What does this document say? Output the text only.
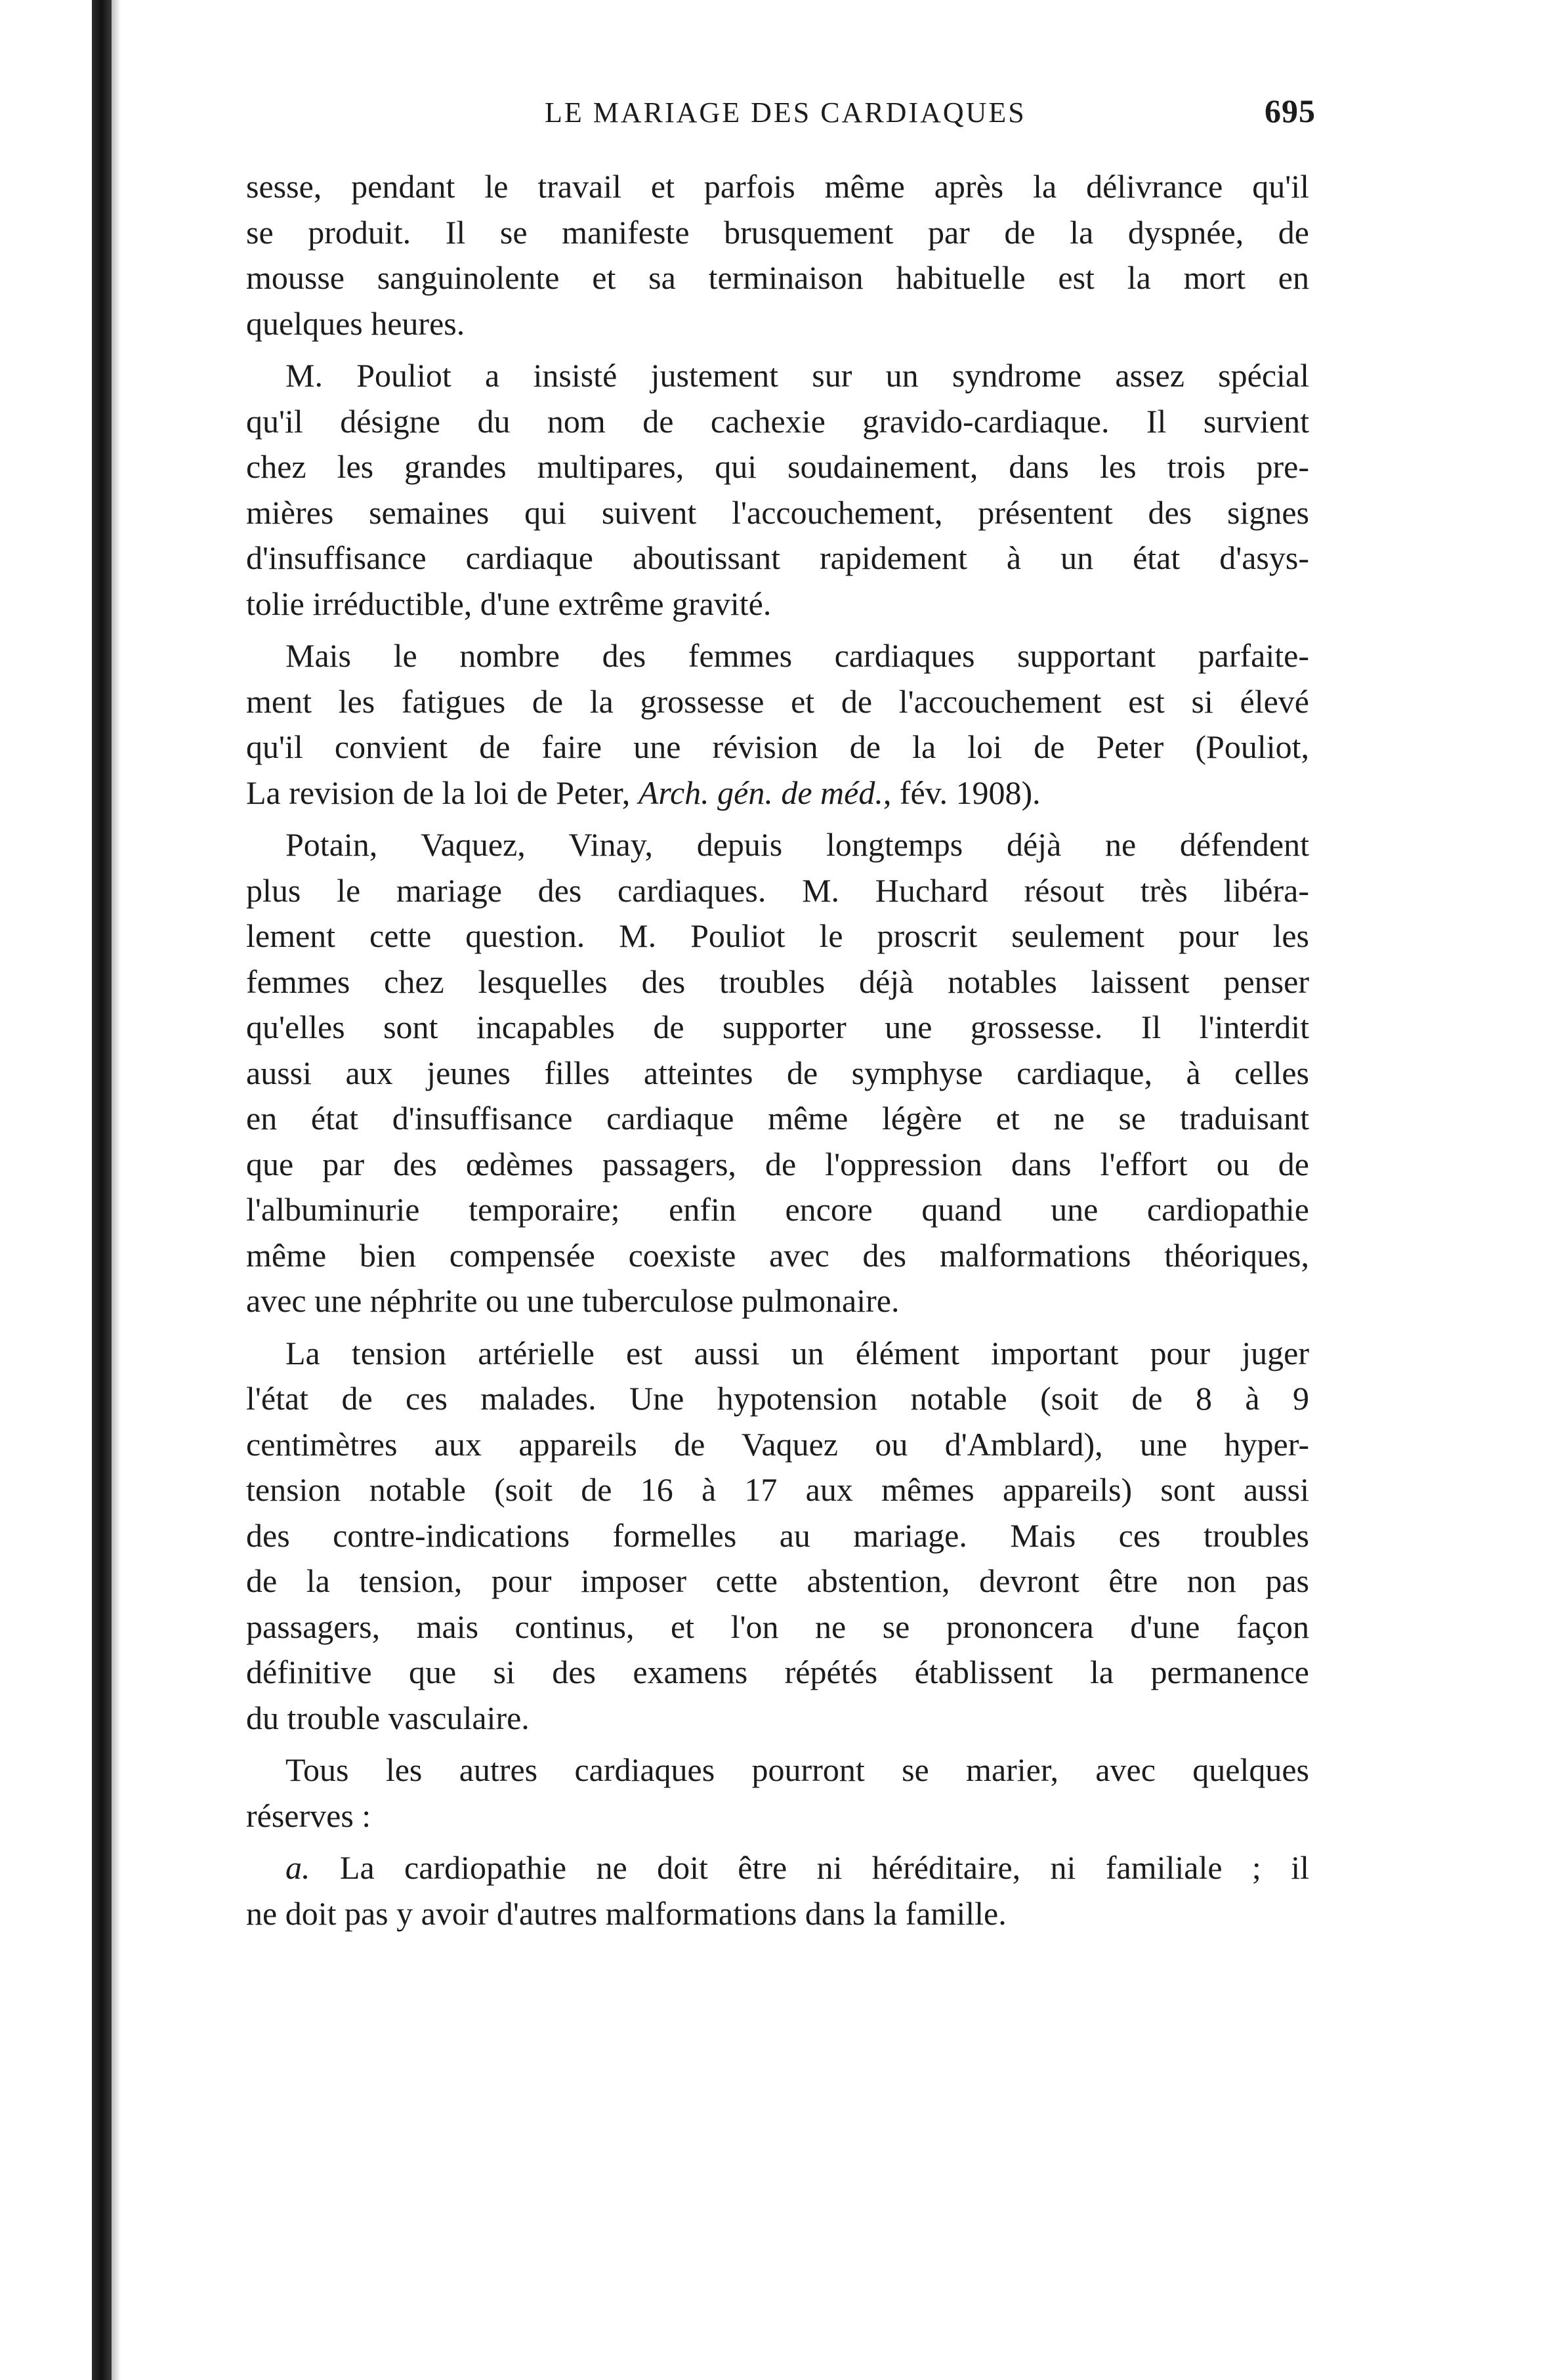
LE MARIAGE DES CARDIAQUES	695
sesse, pendant le travail et parfois même après la délivrance qu'il
se produit. Il se manifeste brusquement par de la dyspnée, de
mousse sanguinolente et sa terminaison habituelle est la mort en
quelques heures.
M. Pouliot a insisté justement sur un syndrome assez spécial
qu'il désigne du nom de cachexie gravido-cardiaque. Il survient
chez les grandes multipares, qui soudainement, dans les trois pre-
mières semaines qui suivent l'accouchement, présentent des signes
d'insuffisance cardiaque aboutissant rapidement à un état d'asys-
tolie irréductible, d'une extrême gravité.
Mais le nombre des femmes cardiaques supportant parfaite-
ment les fatigues de la grossesse et de l'accouchement est si élevé
qu'il convient de faire une révision de la loi de Peter (Pouliot,
La revision de la loi de Peter, Arch. gén. de méd., fév. 1908).
Potain, Vaquez, Vinay, depuis longtemps déjà ne défendent
plus le mariage des cardiaques. M. Huchard résout très libéra-
lement cette question. M. Pouliot le proscrit seulement pour les
femmes chez lesquelles des troubles déjà notables laissent penser
qu'elles sont incapables de supporter une grossesse. Il l'interdit
aussi aux jeunes filles atteintes de symphyse cardiaque, à celles
en état d'insuffisance cardiaque même légère et ne se traduisant
que par des œdèmes passagers, de l'oppression dans l'effort ou de
l'albuminurie temporaire; enfin encore quand une cardiopathie
même bien compensée coexiste avec des malformations théoriques,
avec une néphrite ou une tuberculose pulmonaire.
La tension artérielle est aussi un élément important pour juger
l'état de ces malades. Une hypotension notable (soit de 8 à 9
centimètres aux appareils de Vaquez ou d'Amblard), une hyper-
tension notable (soit de 16 à 17 aux mêmes appareils) sont aussi
des contre-indications formelles au mariage. Mais ces troubles
de la tension, pour imposer cette abstention, devront être non pas
passagers, mais continus, et l'on ne se prononcera d'une façon
définitive que si des examens répétés établissent la permanence
du trouble vasculaire.
Tous les autres cardiaques pourront se marier, avec quelques
réserves :
a. La cardiopathie ne doit être ni héréditaire, ni familiale ; il
ne doit pas y avoir d'autres malformations dans la famille.
